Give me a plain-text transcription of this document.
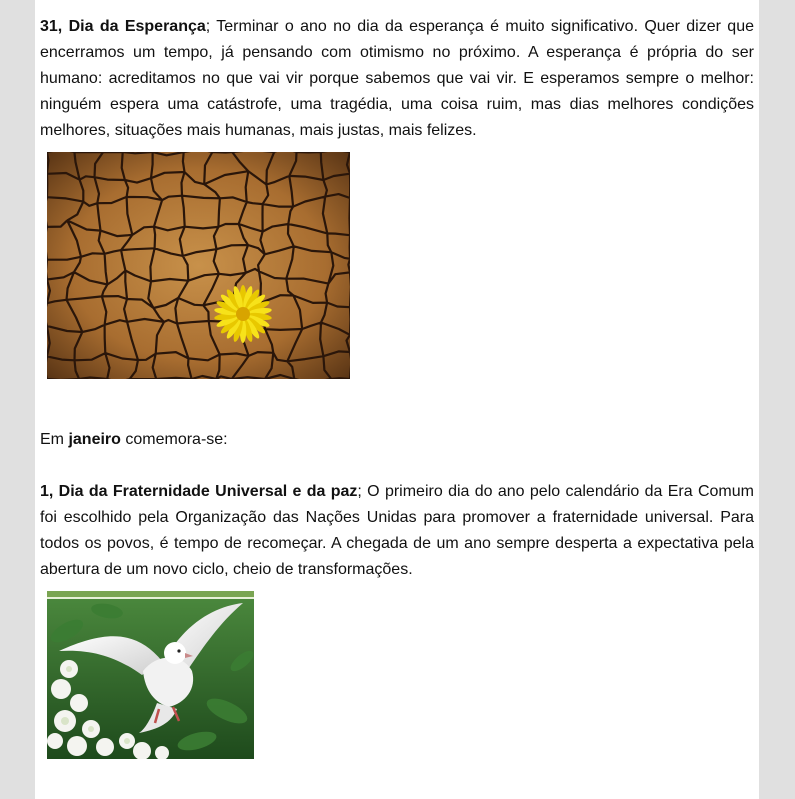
31, Dia da Esperança; Terminar o ano no dia da esperança é muito significativo. Quer dizer que encerramos um tempo, já pensando com otimismo no próximo. A esperança é própria do ser humano: acreditamos no que vai vir porque sabemos que vai vir. E esperamos sempre o melhor: ninguém espera uma catástrofe, uma tragédia, uma coisa ruim, mas dias melhores condições melhores, situações mais humanas, mais justas, mais felizes.

Em janeiro comemora-se:

1, Dia da Fraternidade Universal e da paz; O primeiro dia do ano pelo calendário da Era Comum foi escolhido pela Organização das Nações Unidas para promover a fraternidade universal. Para todos os povos, é tempo de recomeçar. A chegada de um ano sempre desperta a expectativa pela abertura de um novo ciclo, cheio de transformações.
